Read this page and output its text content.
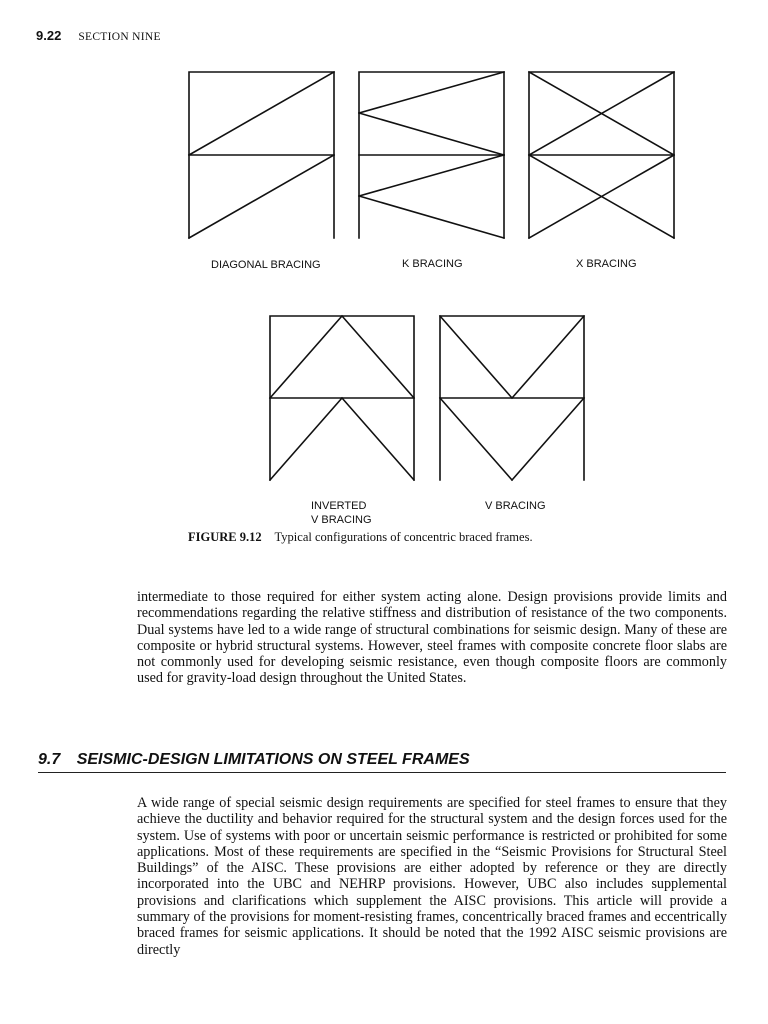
9.22 SECTION NINE
DIAGONAL BRACING	K BRACING	X BRACING
INVERTED
V BRACING
V BRACING
FIGURE 9.12 Typical configurations of concentric braced frames.

intermediate to those required for either system acting alone. Design provisions provide limits and recommendations regarding the relative stiffness and distribution of resistance of the two components. Dual systems have led to a wide range of structural combinations for seismic design. Many of these are composite or hybrid structural systems. However, steel frames with composite concrete floor slabs are not commonly used for developing seismic resistance, even though composite floors are commonly used for gravity-load design throughout the United States.

9.7 SEISMIC-DESIGN LIMITATIONS ON STEEL FRAMES

A wide range of special seismic design requirements are specified for steel frames to ensure that they achieve the ductility and behavior required for the structural system and the design forces used for the system. Use of systems with poor or uncertain seismic performance is restricted or prohibited for some applications. Most of these requirements are specified in the “Seismic Provisions for Structural Steel Buildings” of the AISC. These provisions are either adopted by reference or they are directly incorporated into the UBC and NEHRP provisions. However, UBC also includes supplemental provisions and clarifications which supplement the AISC provisions. This article will provide a summary of the provisions for moment-resisting frames, concentrically braced frames and eccentrically braced frames for seismic applications. It should be noted that the 1992 AISC seismic provisions are directly
